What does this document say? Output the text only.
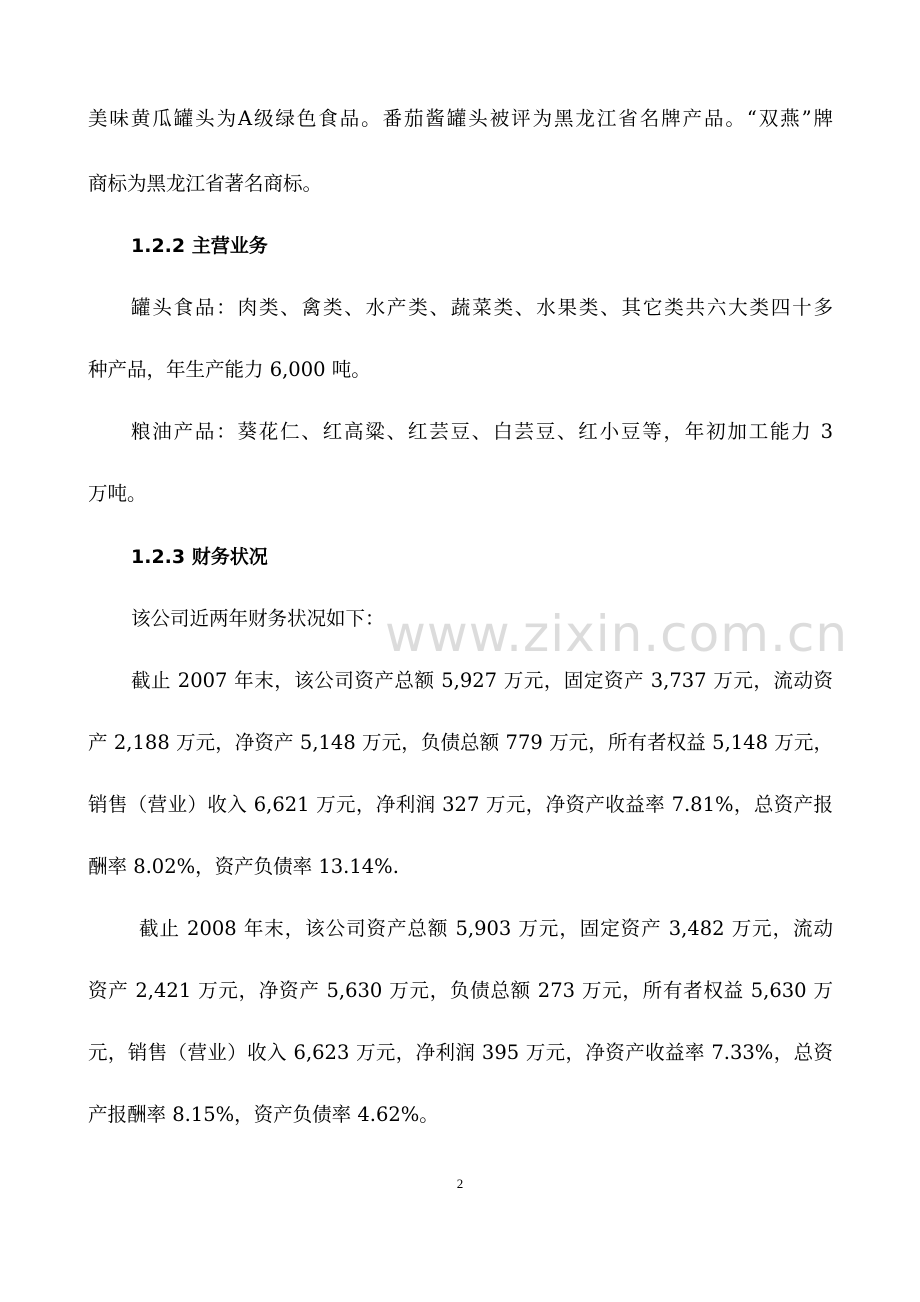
美味黄瓜罐头为A级绿色食品。番茄酱罐头被评为黑龙江省名牌产品。“双燕”牌
商标为黑龙江省著名商标。
1.2.2 主营业务
罐头食品：肉类、禽类、水产类、蔬菜类、水果类、其它类共六大类四十多
种产品，年生产能力 6,000 吨。
粮油产品：葵花仁、红高粱、红芸豆、白芸豆、红小豆等，年初加工能力 3
万吨。
1.2.3 财务状况
该公司近两年财务状况如下：
截止 2007 年末，该公司资产总额 5,927 万元，固定资产 3,737 万元，流动资
产 2,188 万元，净资产 5,148 万元，负债总额 779 万元，所有者权益 5,148 万元，
销售（营业）收入 6,621 万元，净利润 327 万元，净资产收益率 7.81%，总资产报
酬率 8.02%，资产负债率 13.14%.
截止 2008 年末，该公司资产总额 5,903 万元，固定资产 3,482 万元，流动
资产 2,421 万元，净资产 5,630 万元，负债总额 273 万元，所有者权益 5,630 万
元，销售（营业）收入 6,623 万元，净利润 395 万元，净资产收益率 7.33%，总资
产报酬率 8.15%，资产负债率 4.62%。
www.zixin.com.cn
2
